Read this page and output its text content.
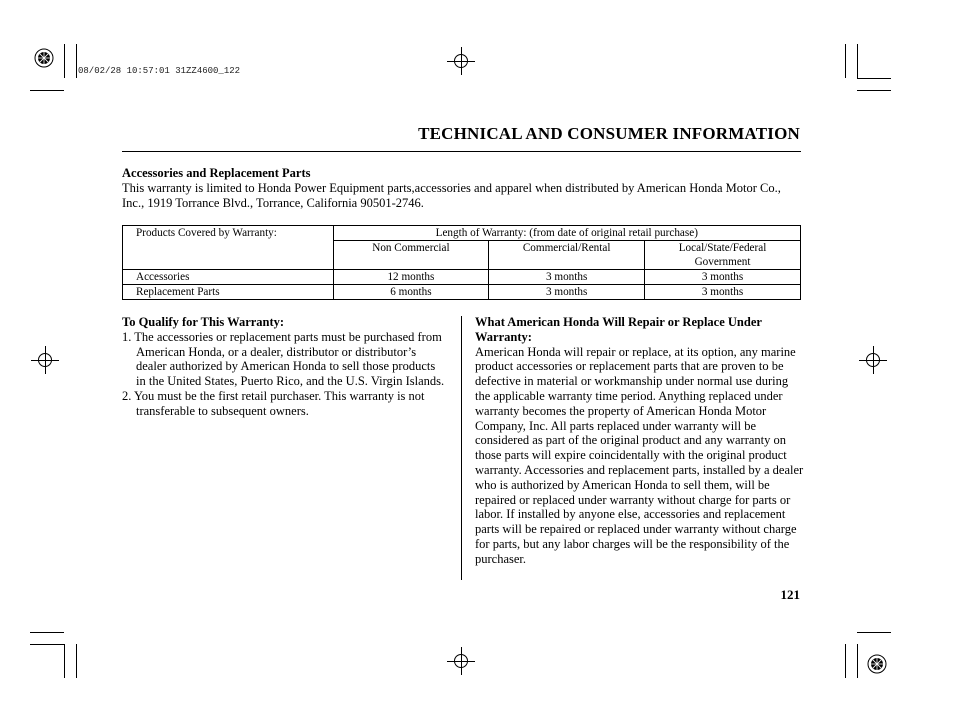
08/02/28 10:57:01 31ZZ4600_122
TECHNICAL AND CONSUMER INFORMATION
Accessories and Replacement Parts
This warranty is limited to Honda Power Equipment parts,accessories and apparel when distributed by American Honda Motor Co., Inc., 1919 Torrance Blvd., Torrance, California 90501-2746.
Products Covered by Warranty:	Length of Warranty: (from date of original retail purchase)		
	Non Commercial	Commercial/Rental	Local/State/Federal Government
Accessories	12 months	3 months	3 months
Replacement Parts	6 months	3 months	3 months
To Qualify for This Warranty:
1. The accessories or replacement parts must be purchased from American Honda, or a dealer, distributor or distributor’s dealer authorized by American Honda to sell those products in the United States, Puerto Rico, and the U.S. Virgin Islands.
2. You must be the first retail purchaser. This warranty is not transferable to subsequent owners.
What American Honda Will Repair or Replace Under Warranty:
American Honda will repair or replace, at its option, any marine product accessories or replacement parts that are proven to be defective in material or workmanship under normal use during the applicable warranty time period. Anything replaced under warranty becomes the property of American Honda Motor Company, Inc. All parts replaced under warranty will be considered as part of the original product and any warranty on those parts will expire coincidentally with the original product warranty. Accessories and replacement parts, installed by a dealer who is authorized by American Honda to sell them, will be repaired or replaced under warranty without charge for parts or labor. If installed by anyone else, accessories and replacement parts will be repaired or replaced under warranty without charge for parts, but any labor charges will be the responsibility of the purchaser.
121
